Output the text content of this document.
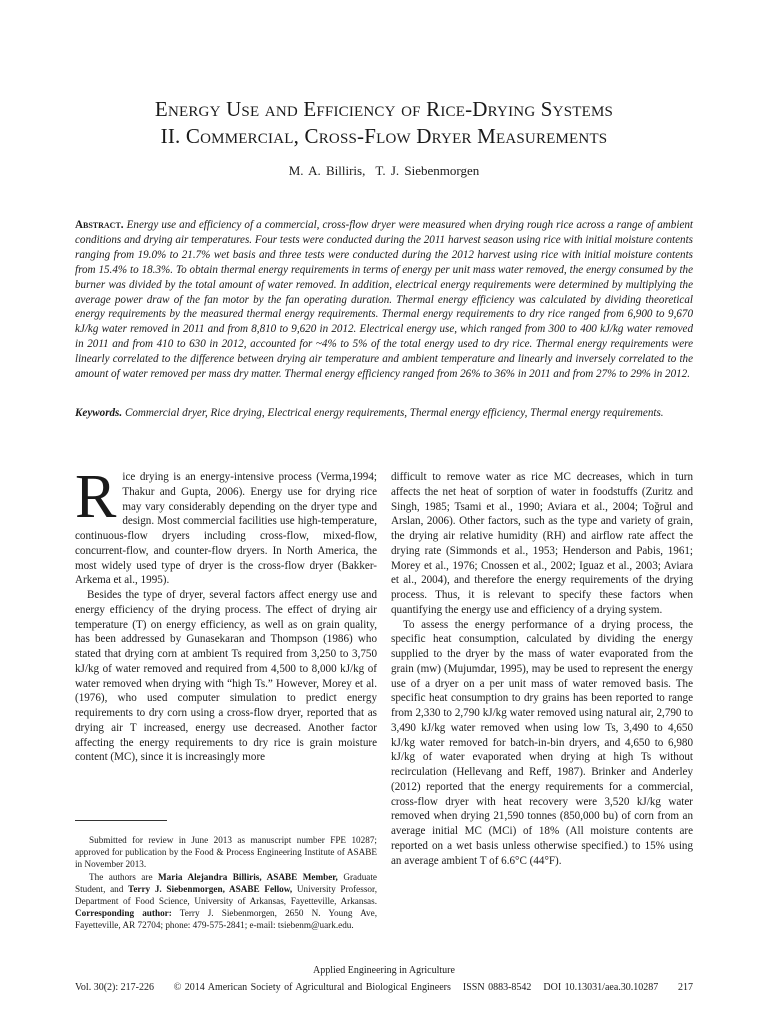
Energy Use and Efficiency of Rice-Drying Systems
II. Commercial, Cross-Flow Dryer Measurements
M. A. Billiris, T. J. Siebenmorgen
Abstract. Energy use and efficiency of a commercial, cross-flow dryer were measured when drying rough rice across a range of ambient conditions and drying air temperatures. Four tests were conducted during the 2011 harvest season using rice with initial moisture contents ranging from 19.0% to 21.7% wet basis and three tests were conducted during the 2012 harvest using rice with initial moisture contents from 15.4% to 18.3%. To obtain thermal energy requirements in terms of energy per unit mass water removed, the energy consumed by the burner was divided by the total amount of water removed. In addition, electrical energy requirements were determined by multiplying the average power draw of the fan motor by the fan operating duration. Thermal energy efficiency was calculated by dividing theoretical energy requirements by the measured thermal energy requirements. Thermal energy requirements to dry rice ranged from 6,900 to 9,670 kJ/kg water removed in 2011 and from 8,810 to 9,620 in 2012. Electrical energy use, which ranged from 300 to 400 kJ/kg water removed in 2011 and from 410 to 630 in 2012, accounted for ~4% to 5% of the total energy used to dry rice. Thermal energy requirements were linearly correlated to the difference between drying air temperature and ambient temperature and linearly and inversely correlated to the amount of water removed per mass dry matter. Thermal energy efficiency ranged from 26% to 36% in 2011 and from 27% to 29% in 2012.
Keywords. Commercial dryer, Rice drying, Electrical energy requirements, Thermal energy efficiency, Thermal energy requirements.

Rice drying is an energy-intensive process (Verma,1994; Thakur and Gupta, 2006). Energy use for drying rice may vary considerably depending on the dryer type and design. Most commercial facilities use high-temperature, continuous-flow dryers including cross-flow, mixed-flow, concurrent-flow, and counter-flow dryers. In North America, the most widely used type of dryer is the cross-flow dryer (Bakker-Arkema et al., 1995).

Besides the type of dryer, several factors affect energy use and energy efficiency of the drying process. The effect of drying air temperature (T) on energy efficiency, as well as on grain quality, has been addressed by Gunasekaran and Thompson (1986) who stated that drying corn at ambient Ts required from 3,250 to 3,750 kJ/kg of water removed and required from 4,500 to 8,000 kJ/kg of water removed when drying with “high Ts.” However, Morey et al. (1976), who used computer simulation to predict energy requirements to dry corn using a cross-flow dryer, reported that as drying air T increased, energy use decreased. Another factor affecting the energy requirements to dry rice is grain moisture content (MC), since it is increasingly more

difficult to remove water as rice MC decreases, which in turn affects the net heat of sorption of water in foodstuffs (Zuritz and Singh, 1985; Tsami et al., 1990; Aviara et al., 2004; Toğrul and Arslan, 2006). Other factors, such as the type and variety of grain, the drying air relative humidity (RH) and airflow rate affect the drying rate (Simmonds et al., 1953; Henderson and Pabis, 1961; Morey et al., 1976; Cnossen et al., 2002; Iguaz et al., 2003; Aviara et al., 2004), and therefore the energy requirements of the drying process. Thus, it is relevant to specify these factors when quantifying the energy use and efficiency of a drying system.

To assess the energy performance of a drying process, the specific heat consumption, calculated by dividing the energy supplied to the dryer by the mass of water evaporated from the grain (mw) (Mujumdar, 1995), may be used to represent the energy use of a dryer on a per unit mass of water removed basis. The specific heat consumption to dry grains has been reported to range from 2,330 to 2,790 kJ/kg water removed using natural air, 2,790 to 3,490 kJ/kg water removed when using low Ts, 3,490 to 4,650 kJ/kg water removed for batch-in-bin dryers, and 4,650 to 6,980 kJ/kg of water evaporated when drying at high Ts without recirculation (Hellevang and Reff, 1987). Brinker and Anderley (2012) reported that the energy requirements for a commercial, cross-flow dryer with heat recovery were 3,520 kJ/kg water removed when drying 21,590 tonnes (850,000 bu) of corn from an average initial MC (MCi) of 18% (All moisture contents are reported on a wet basis unless otherwise specified.) to 15% using an average ambient T of 6.6°C (44°F).

Submitted for review in June 2013 as manuscript number FPE 10287; approved for publication by the Food & Process Engineering Institute of ASABE in November 2013.

The authors are Maria Alejandra Billiris, ASABE Member, Graduate Student, and Terry J. Siebenmorgen, ASABE Fellow, University Professor, Department of Food Science, University of Arkansas, Fayetteville, Arkansas. Corresponding author: Terry J. Siebenmorgen, 2650 N. Young Ave, Fayetteville, AR 72704; phone: 479-575-2841; e-mail: tsiebenm@uark.edu.

Applied Engineering in Agriculture
Vol. 30(2): 217-226	© 2014 American Society of Agricultural and Biological Engineers ISSN 0883-8542 DOI 10.13031/aea.30.10287	217
